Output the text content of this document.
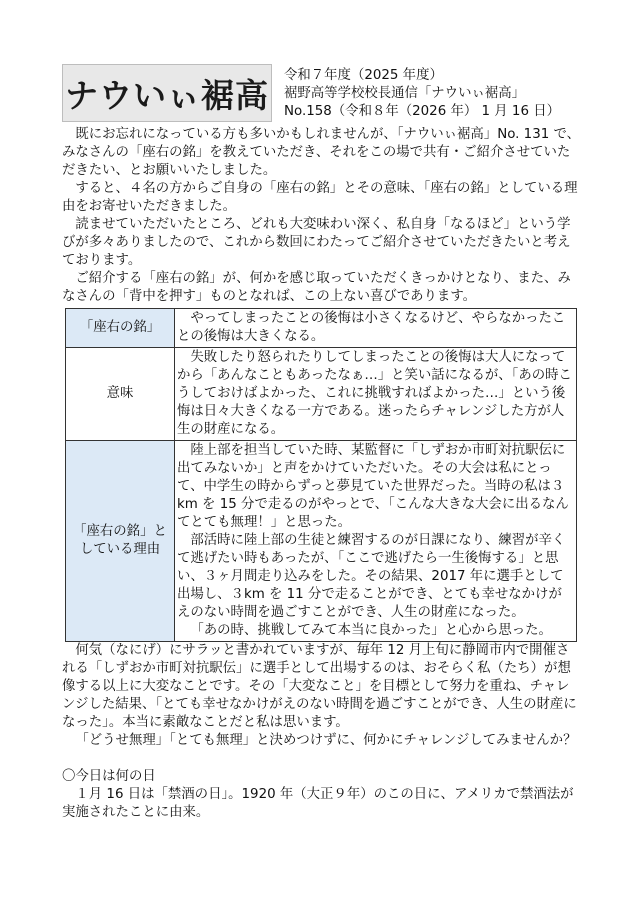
ナウいぃ裾高 令和７年度（2025 年度）
裾野高等学校校長通信「ナウいぃ裾高」
No.158（令和８年（2026 年） 1 月 16 日）

既にお忘れになっている方も多いかもしれませんが、「ナウいぃ裾高」No. 131 で、みなさんの「座右の銘」を教えていただき、それをこの場で共有・ご紹介させていただきたい、とお願いいたしました。

すると、４名の方からご自身の「座右の銘」とその意味、「座右の銘」としている理由をお寄せいただきました。

読ませていただいたところ、どれも大変味わい深く、私自身「なるほど」という学びが多々ありましたので、これから数回にわたってご紹介させていただきたいと考えております。

ご紹介する「座右の銘」が、何かを感じ取っていただくきっかけとなり、また、みなさんの「背中を押す」ものとなれば、この上ない喜びであります。

「座右の銘」	やってしまったことの後悔は小さくなるけど、やらなかったことの後悔は大きくなる。

意味	失敗したり怒られたりしてしまったことの後悔は大人になってから「あんなこともあったなぁ…」と笑い話になるが、「あの時こうしておけばよかった、これに挑戦すればよかった…」という後悔は日々大きくなる一方である。迷ったらチャレンジした方が人生の財産になる。

「座右の銘」としている理由	陸上部を担当していた時、某監督に「しずおか市町対抗駅伝に出てみないか」と声をかけていただいた。その大会は私にとって、中学生の時からずっと夢見ていた世界だった。当時の私は３km を 15 分で走るのがやっとで、「こんな大きな大会に出るなんてとても無理！」と思った。

部活時に陸上部の生徒と練習するのが日課になり、練習が辛くて逃げたい時もあったが、「ここで逃げたら一生後悔する」と思い、３ヶ月間走り込みをした。その結果、2017 年に選手として出場し、３km を 11 分で走ることができ、とても幸せなかけがえのない時間を過ごすことができ、人生の財産になった。

「あの時、挑戦してみて本当に良かった」と心から思った。

何気（なにげ）にサラッと書かれていますが、毎年 12 月上旬に静岡市内で開催される「しずおか市町対抗駅伝」に選手として出場するのは、おそらく私（たち）が想像する以上に大変なことです。その「大変なこと」を目標として努力を重ね、チャレンジした結果、「とても幸せなかけがえのない時間を過ごすことができ、人生の財産になった」。本当に素敵なことだと私は思います。

「どうせ無理」「とても無理」と決めつけずに、何かにチャレンジしてみませんか？

〇今日は何の日

１月 16 日は「禁酒の日」。1920 年（大正９年）のこの日に、アメリカで禁酒法が実施されたことに由来。
